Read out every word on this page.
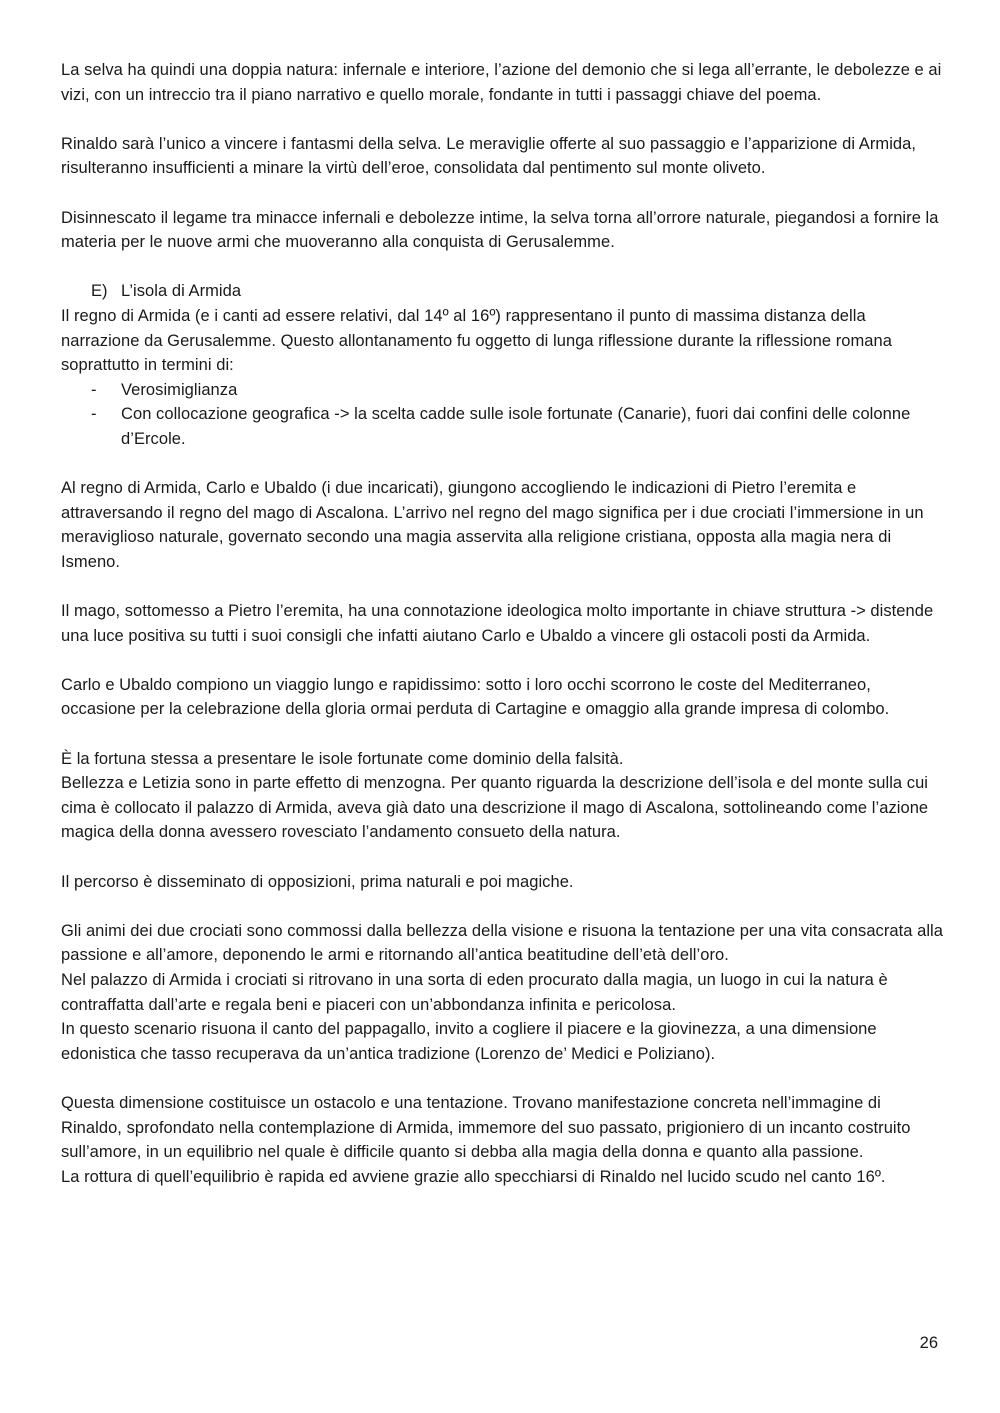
La selva ha quindi una doppia natura: infernale e interiore, l’azione del demonio che si lega all’errante, le debolezze e ai vizi, con un intreccio tra il piano narrativo e quello morale, fondante in tutti i passaggi chiave del poema.

Rinaldo sarà l’unico a vincere i fantasmi della selva. Le meraviglie offerte al suo passaggio e l’apparizione di Armida, risulteranno insufficienti a minare la virtù dell’eroe, consolidata dal pentimento sul monte oliveto.

Disinnescato il legame tra minacce infernali e debolezze intime, la selva torna all’orrore naturale, piegandosi a fornire la materia per le nuove armi che muoveranno alla conquista di Gerusalemme.

E) L’isola di Armida

Il regno di Armida (e i canti ad essere relativi, dal 14º al 16º) rappresentano il punto di massima distanza della narrazione da Gerusalemme. Questo allontanamento fu oggetto di lunga riflessione durante la riflessione romana soprattutto in termini di:

- Verosimiglianza
- Con collocazione geografica -> la scelta cadde sulle isole fortunate (Canarie), fuori dai confini delle colonne d’Ercole.

Al regno di Armida, Carlo e Ubaldo (i due incaricati), giungono accogliendo le indicazioni di Pietro l’eremita e attraversando il regno del mago di Ascalona. L’arrivo nel regno del mago significa per i due crociati l’immersione in un meraviglioso naturale, governato secondo una magia asservita alla religione cristiana, opposta alla magia nera di Ismeno.

Il mago, sottomesso a Pietro l’eremita, ha una connotazione ideologica molto importante in chiave struttura -> distende una luce positiva su tutti i suoi consigli che infatti aiutano Carlo e Ubaldo a vincere gli ostacoli posti da Armida.

Carlo e Ubaldo compiono un viaggio lungo e rapidissimo: sotto i loro occhi scorrono le coste del Mediterraneo, occasione per la celebrazione della gloria ormai perduta di Cartagine e omaggio alla grande impresa di colombo.

È la fortuna stessa a presentare le isole fortunate come dominio della falsità.

Bellezza e Letizia sono in parte effetto di menzogna. Per quanto riguarda la descrizione dell’isola e del monte sulla cui cima è collocato il palazzo di Armida, aveva già dato una descrizione il mago di Ascalona, sottolineando come l’azione magica della donna avessero rovesciato l’andamento consueto della natura.

Il percorso è disseminato di opposizioni, prima naturali e poi magiche.

Gli animi dei due crociati sono commossi dalla bellezza della visione e risuona la tentazione per una vita consacrata alla passione e all’amore, deponendo le armi e ritornando all’antica beatitudine dell’età dell’oro.

Nel palazzo di Armida i crociati si ritrovano in una sorta di eden procurato dalla magia, un luogo in cui la natura è contraffatta dall’arte e regala beni e piaceri con un’abbondanza infinita e pericolosa.

In questo scenario risuona il canto del pappagallo, invito a cogliere il piacere e la giovinezza, a una dimensione edonistica che tasso recuperava da un’antica tradizione (Lorenzo de’ Medici e Poliziano).

Questa dimensione costituisce un ostacolo e una tentazione. Trovano manifestazione concreta nell’immagine di Rinaldo, sprofondato nella contemplazione di Armida, immemore del suo passato, prigioniero di un incanto costruito sull’amore, in un equilibrio nel quale è difficile quanto si debba alla magia della donna e quanto alla passione.

La rottura di quell’equilibrio è rapida ed avviene grazie allo specchiarsi di Rinaldo nel lucido scudo nel canto 16º.

26
